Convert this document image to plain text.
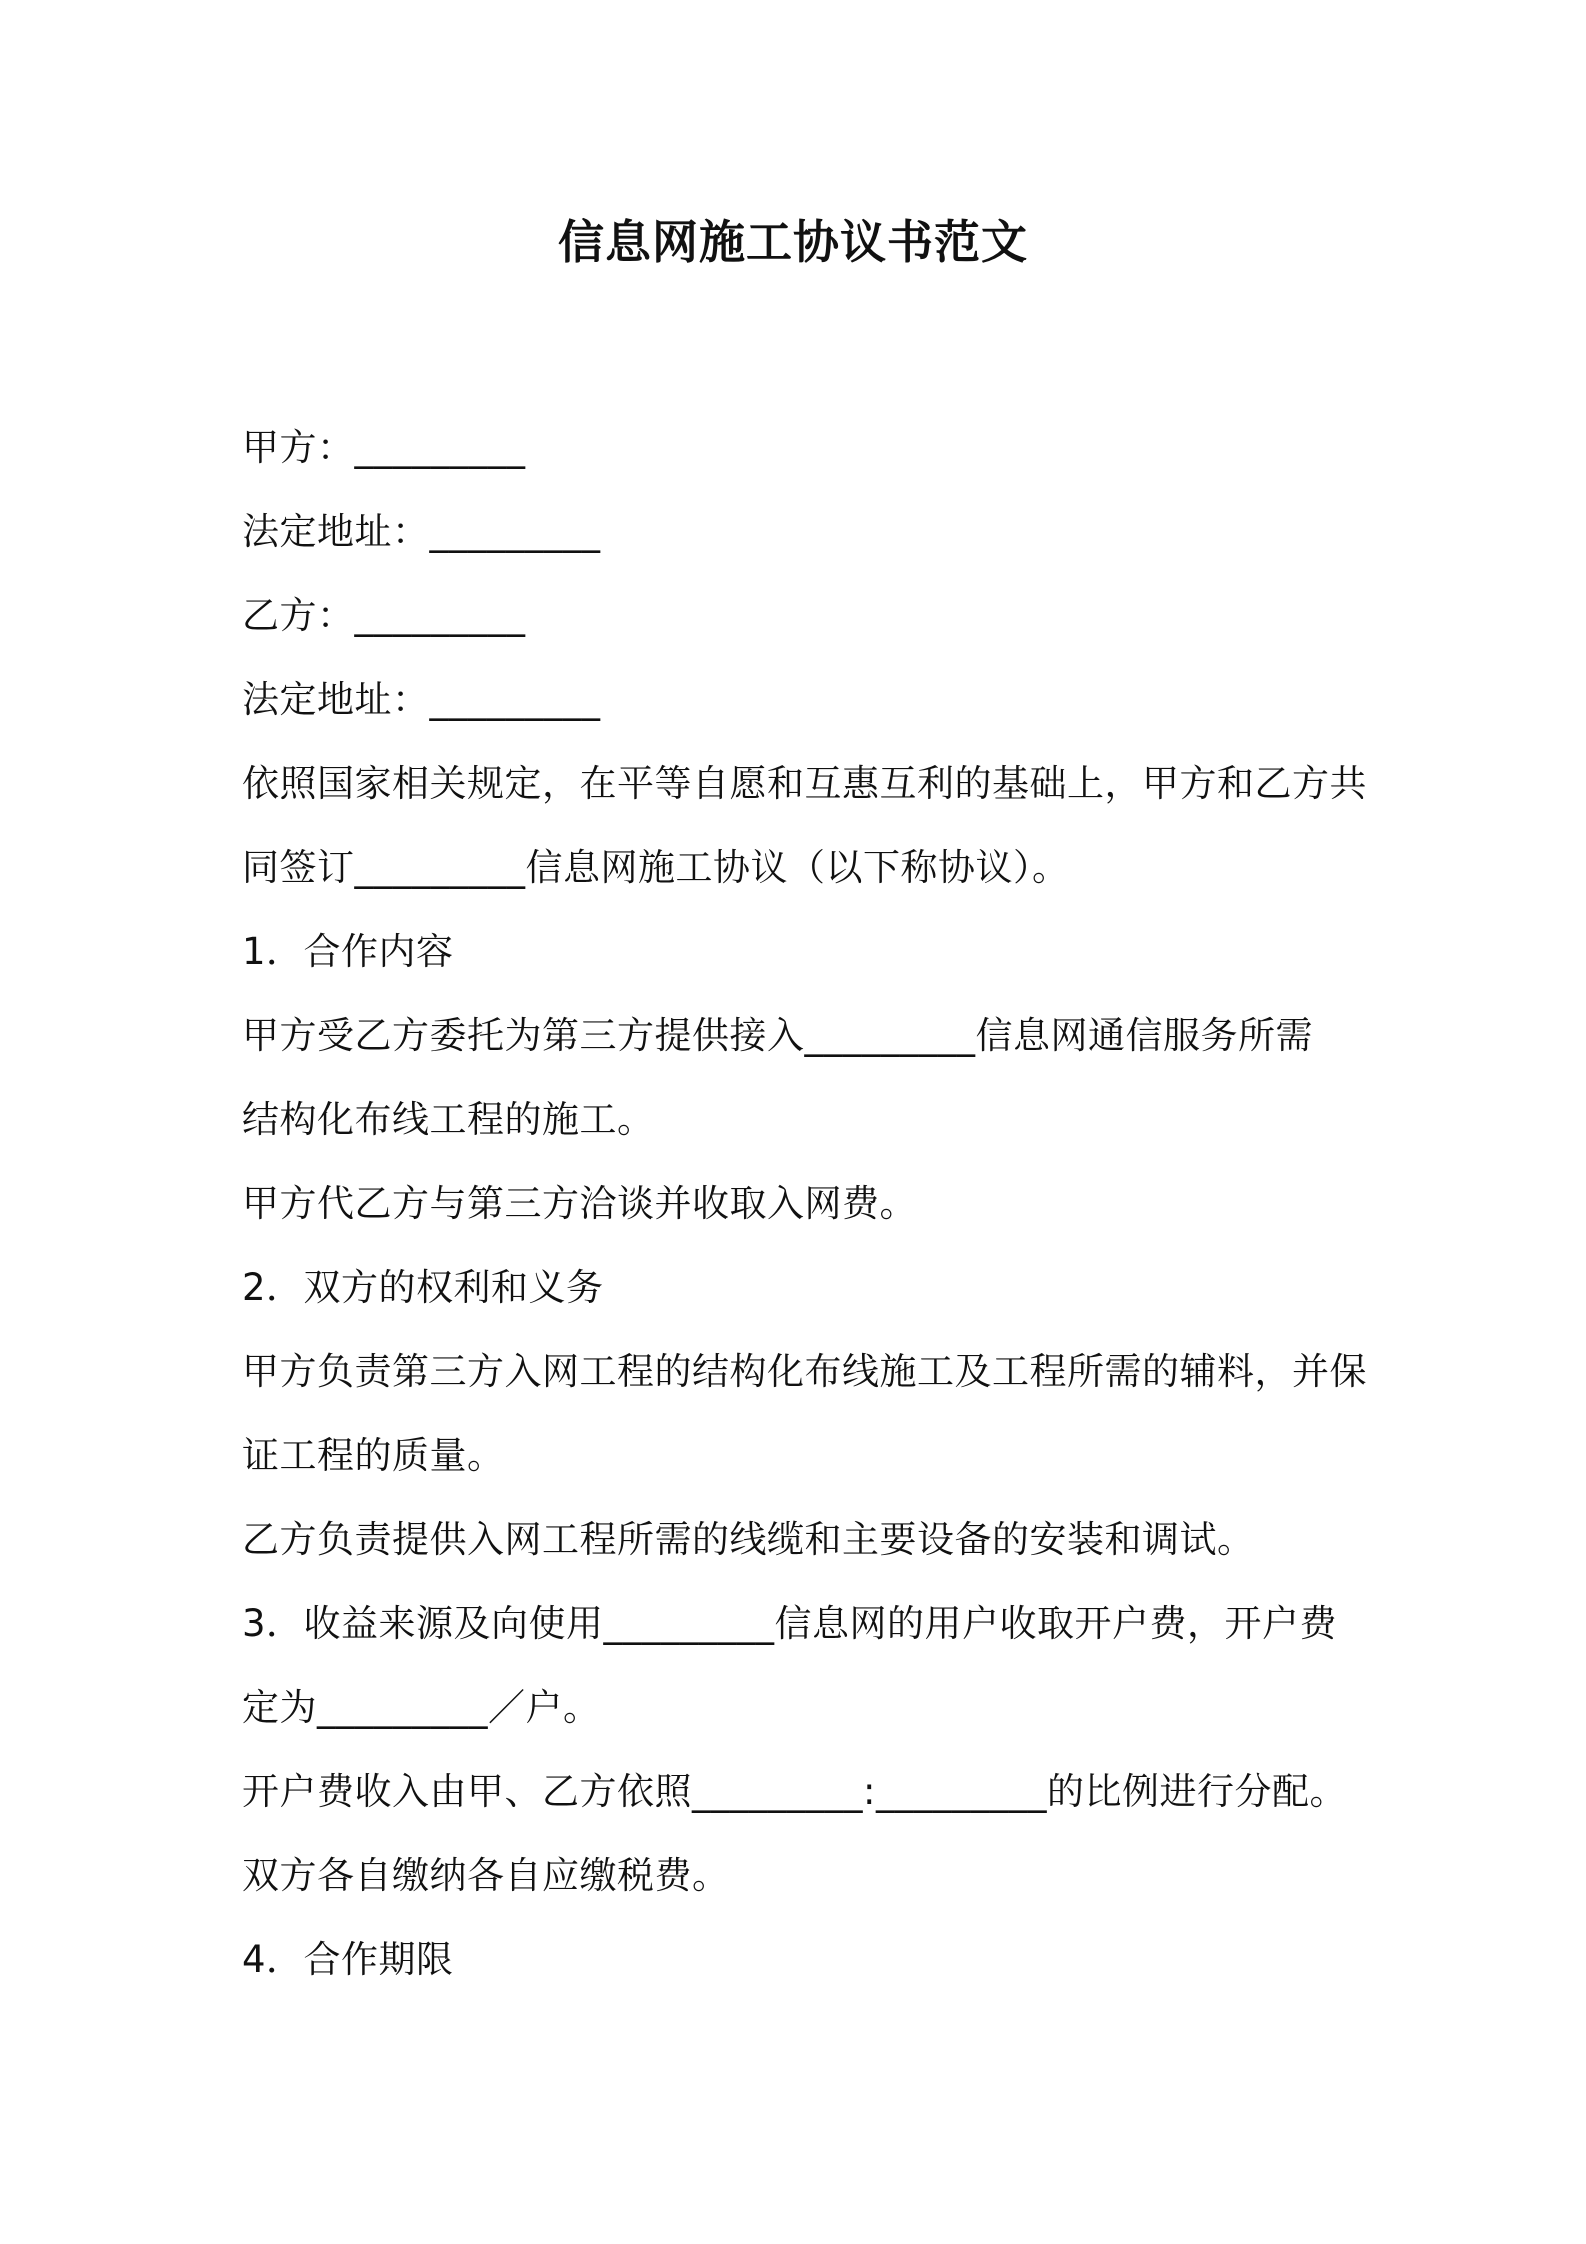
信息网施工协议书范文
甲方：_________
法定地址：_________
乙方：_________
法定地址：_________
依照国家相关规定，在平等自愿和互惠互利的基础上，甲方和乙方共
同签订_________信息网施工协议（以下称协议）。
1．合作内容
甲方受乙方委托为第三方提供接入_________信息网通信服务所需
结构化布线工程的施工。
甲方代乙方与第三方洽谈并收取入网费。
2．双方的权利和义务
甲方负责第三方入网工程的结构化布线施工及工程所需的辅料，并保
证工程的质量。
乙方负责提供入网工程所需的线缆和主要设备的安装和调试。
3．收益来源及向使用_________信息网的用户收取开户费，开户费
定为_________／户。
开户费收入由甲、乙方依照_________:_________的比例进行分配。
双方各自缴纳各自应缴税费。
4．合作期限
